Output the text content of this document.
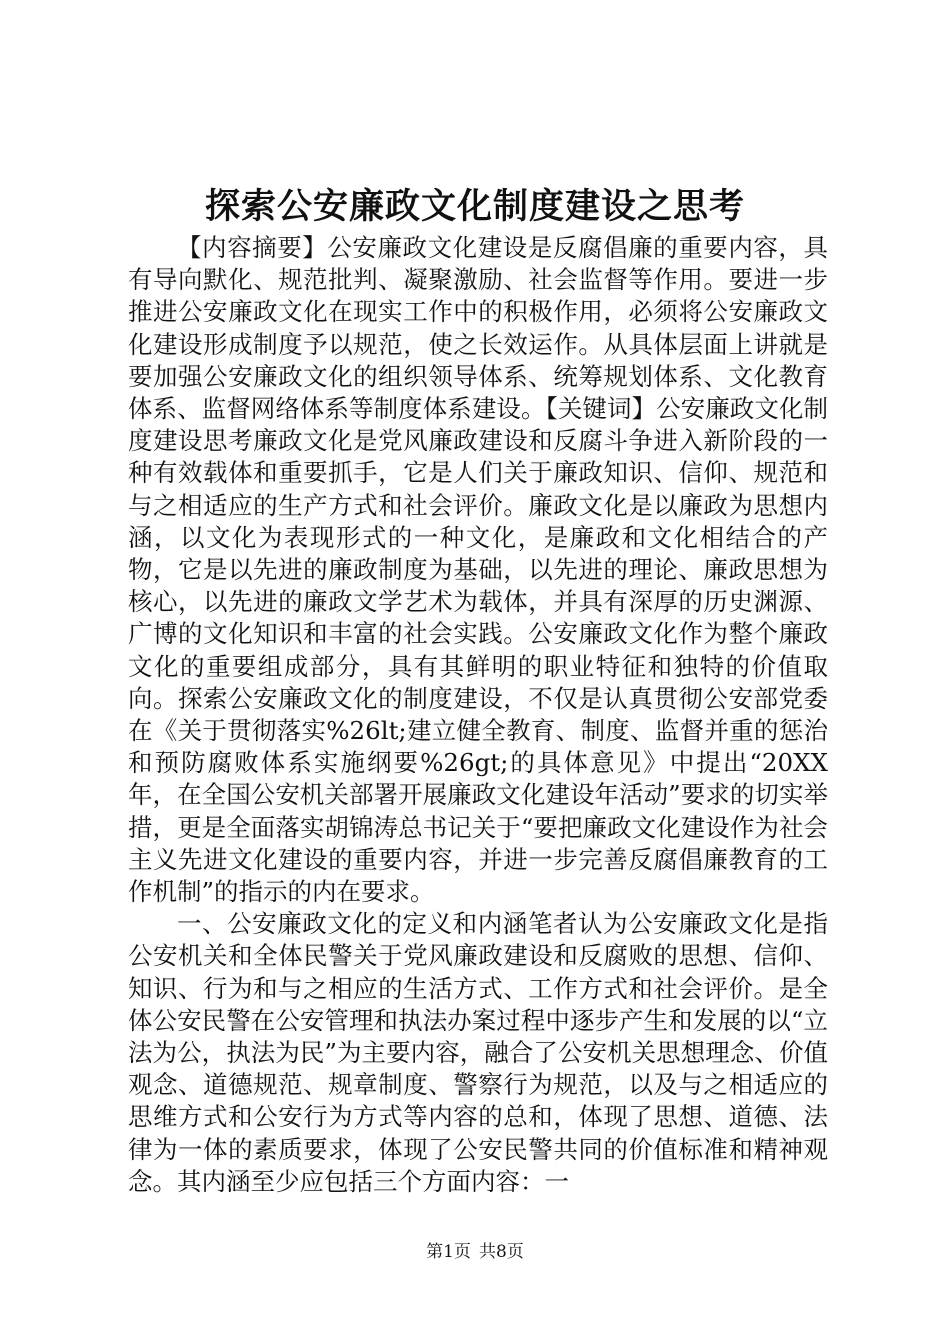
探索公安廉政文化制度建设之思考

【内容摘要】公安廉政文化建设是反腐倡廉的重要内容，具有导向默化、规范批判、凝聚激励、社会监督等作用。要进一步推进公安廉政文化在现实工作中的积极作用，必须将公安廉政文化建设形成制度予以规范，使之长效运作。从具体层面上讲就是要加强公安廉政文化的组织领导体系、统筹规划体系、文化教育体系、监督网络体系等制度体系建设。【关键词】公安廉政文化制度建设思考廉政文化是党风廉政建设和反腐斗争进入新阶段的一种有效载体和重要抓手，它是人们关于廉政知识、信仰、规范和与之相适应的生产方式和社会评价。廉政文化是以廉政为思想内涵，以文化为表现形式的一种文化，是廉政和文化相结合的产物，它是以先进的廉政制度为基础，以先进的理论、廉政思想为核心，以先进的廉政文学艺术为载体，并具有深厚的历史渊源、广博的文化知识和丰富的社会实践。公安廉政文化作为整个廉政文化的重要组成部分，具有其鲜明的职业特征和独特的价值取向。探索公安廉政文化的制度建设，不仅是认真贯彻公安部党委在《关于贯彻落实%26lt;建立健全教育、制度、监督并重的惩治和预防腐败体系实施纲要%26gt;的具体意见》中提出“20XX年，在全国公安机关部署开展廉政文化建设年活动”要求的切实举措，更是全面落实胡锦涛总书记关于“要把廉政文化建设作为社会主义先进文化建设的重要内容，并进一步完善反腐倡廉教育的工作机制”的指示的内在要求。

一、公安廉政文化的定义和内涵笔者认为公安廉政文化是指公安机关和全体民警关于党风廉政建设和反腐败的思想、信仰、知识、行为和与之相应的生活方式、工作方式和社会评价。是全体公安民警在公安管理和执法办案过程中逐步产生和发展的以“立法为公，执法为民”为主要内容，融合了公安机关思想理念、价值观念、道德规范、规章制度、警察行为规范，以及与之相适应的思维方式和公安行为方式等内容的总和，体现了思想、道德、法律为一体的素质要求，体现了公安民警共同的价值标准和精神观念。其内涵至少应包括三个方面内容：一

第1页 共8页
